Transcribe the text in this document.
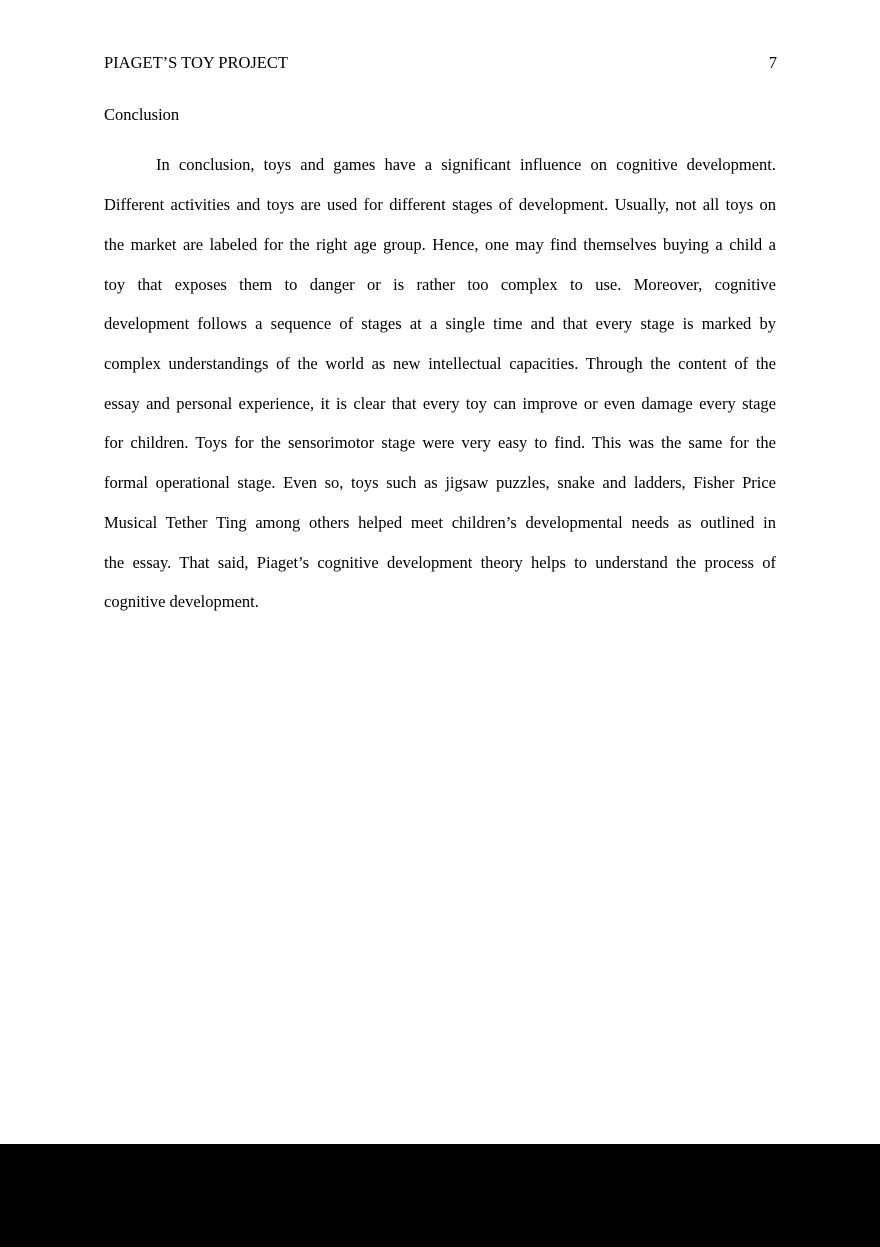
PIAGET’S TOY PROJECT	7
Conclusion
In conclusion, toys and games have a significant influence on cognitive development.
Different activities and toys are used for different stages of development. Usually, not all toys on
the market are labeled for the right age group. Hence, one may find themselves buying a child a
toy that exposes them to danger or is rather too complex to use. Moreover, cognitive
development follows a sequence of stages at a single time and that every stage is marked by
complex understandings of the world as new intellectual capacities. Through the content of the
essay and personal experience, it is clear that every toy can improve or even damage every stage
for children. Toys for the sensorimotor stage were very easy to find. This was the same for the
formal operational stage. Even so, toys such as jigsaw puzzles, snake and ladders, Fisher Price
Musical Tether Ting among others helped meet children’s developmental needs as outlined in
the essay. That said, Piaget’s cognitive development theory helps to understand the process of
cognitive development.
